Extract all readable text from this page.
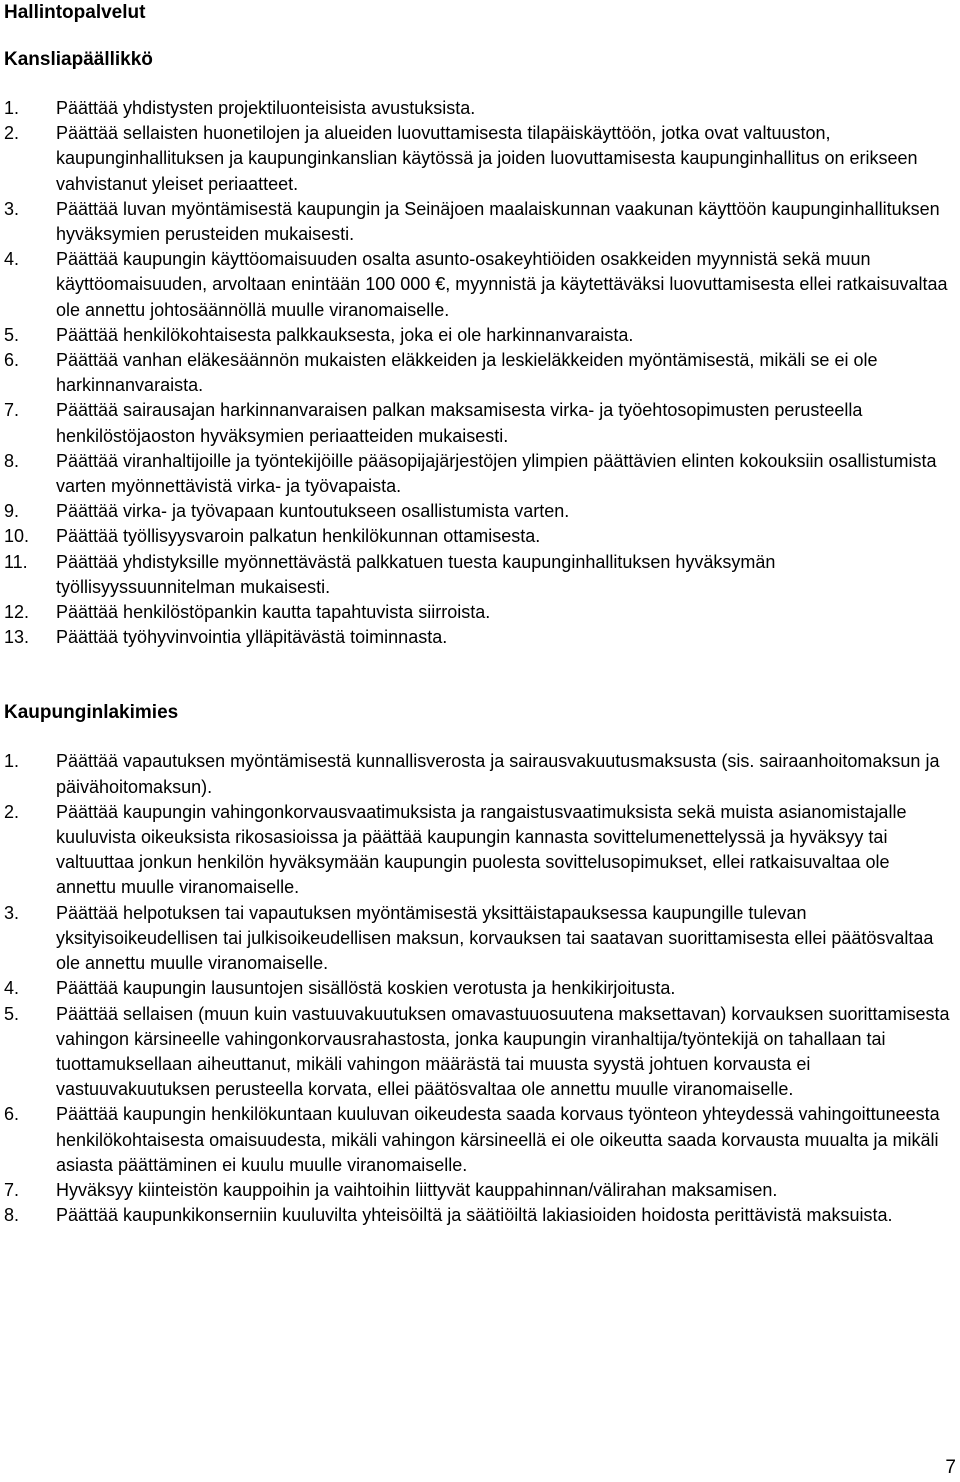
Hallintopalvelut
Kansliapäällikkö
1. Päättää yhdistysten projektiluonteisista avustuksista.
2. Päättää sellaisten huonetilojen ja alueiden luovuttamisesta tilapäiskäyttöön, jotka ovat valtuuston, kaupunginhallituksen ja kaupunginkanslian käytössä ja joiden luovuttamisesta kaupunginhallitus on erikseen vahvistanut yleiset periaatteet.
3. Päättää luvan myöntämisestä kaupungin ja Seinäjoen maalaiskunnan vaakunan käyttöön kaupunginhallituksen hyväksymien perusteiden mukaisesti.
4. Päättää kaupungin käyttöomaisuuden osalta asunto-osakeyhtiöiden osakkeiden myynnistä sekä muun käyttöomaisuuden, arvoltaan enintään 100 000 €, myynnistä ja käytettäväksi luovuttamisesta ellei ratkaisuvaltaa ole annettu johtosäännöllä muulle viranomaiselle.
5. Päättää henkilökohtaisesta palkkauksesta, joka ei ole harkinnanvaraista.
6. Päättää vanhan eläkesäännön mukaisten eläkkeiden ja leskieläkkeiden myöntämisestä, mikäli se ei ole harkinnanvaraista.
7. Päättää sairausajan harkinnanvaraisen palkan maksamisesta virka- ja työehtosopimusten perusteella henkilöstöjaoston hyväksymien periaatteiden mukaisesti.
8. Päättää viranhaltijoille ja työntekijöille pääsopijajärjestöjen ylimpien päättävien elinten kokouksiin osallistumista varten myönnettävistä virka- ja työvapaista.
9. Päättää virka- ja työvapaan kuntoutukseen osallistumista varten.
10. Päättää työllisyysvaroin palkatun henkilökunnan ottamisesta.
11. Päättää yhdistyksille myönnettävästä palkkatuen tuesta kaupunginhallituksen hyväksymän työllisyyssuunnitelman mukaisesti.
12. Päättää henkilöstöpankin kautta tapahtuvista siirroista.
13. Päättää työhyvinvointia ylläpitävästä toiminnasta.
Kaupunginlakimies
1. Päättää vapautuksen myöntämisestä kunnallisverosta ja sairausvakuutusmaksusta (sis. sairaanhoitomaksun ja päivähoitomaksun).
2. Päättää kaupungin vahingonkorvausvaatimuksista ja rangaistusvaatimuksista sekä muista asianomistajalle kuuluvista oikeuksista rikosasioissa ja päättää kaupungin kannasta sovittelumenettelyssä ja hyväksyy tai valtuuttaa jonkun henkilön hyväksymään kaupungin puolesta sovittelusopimukset, ellei ratkaisuvaltaa ole annettu muulle viranomaiselle.
3. Päättää helpotuksen tai vapautuksen myöntämisestä yksittäistapauksessa kaupungille tulevan yksityisoikeudellisen tai julkisoikeudellisen maksun, korvauksen tai saatavan suorittamisesta ellei päätösvaltaa ole annettu muulle viranomaiselle.
4. Päättää kaupungin lausuntojen sisällöstä koskien verotusta ja henkikirjoitusta.
5. Päättää sellaisen (muun kuin vastuuvakuutuksen omavastuuosuutena maksettavan) korvauksen suorittamisesta vahingon kärsineelle vahingonkorvausrahastosta, jonka kaupungin viranhaltija/työntekijä on tahallaan tai tuottamuksellaan aiheuttanut, mikäli vahingon määrästä tai muusta syystä johtuen korvausta ei vastuuvakuutuksen perusteella korvata, ellei päätösvaltaa ole annettu muulle viranomaiselle.
6. Päättää kaupungin henkilökuntaan kuuluvan oikeudesta saada korvaus työnteon yhteydessä vahingoittuneesta henkilökohtaisesta omaisuudesta, mikäli vahingon kärsineellä ei ole oikeutta saada korvausta muualta ja mikäli asiasta päättäminen ei kuulu muulle viranomaiselle.
7. Hyväksyy kiinteistön kauppoihin ja vaihtoihin liittyvät kauppahinnan/välirahan maksamisen.
8. Päättää kaupunkikonserniin kuuluvilta yhteisöiltä ja säätiöiltä lakiasioiden hoidosta perittävistä maksuista.
7
